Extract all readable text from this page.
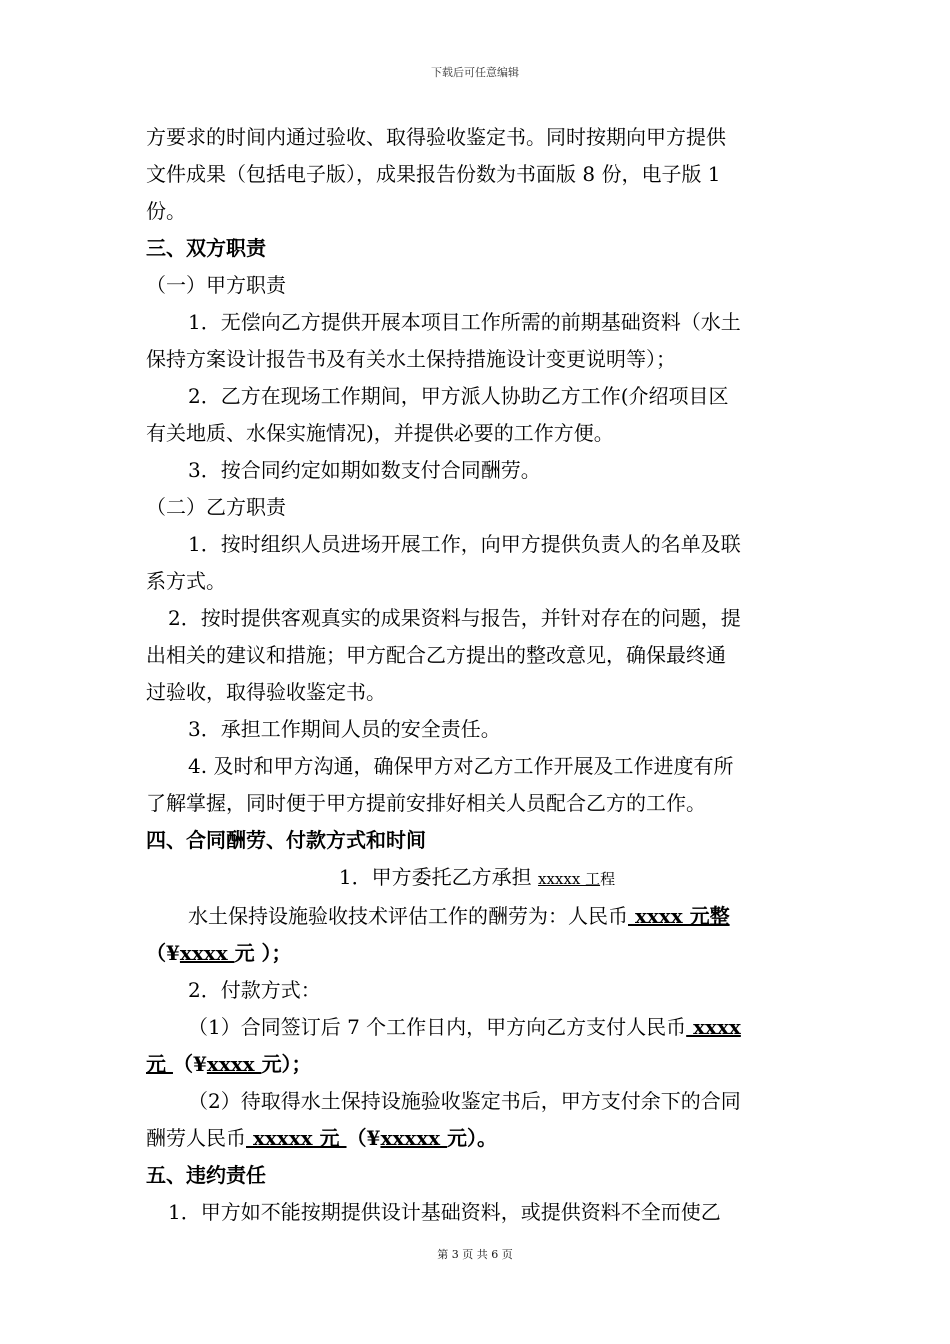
下载后可任意编辑

方要求的时间内通过验收、取得验收鉴定书。同时按期向甲方提供

文件成果（包括电子版），成果报告份数为书面版 8 份，电子版 1

份。

三、双方职责

（一）甲方职责

1．无偿向乙方提供开展本项目工作所需的前期基础资料（水土

保持方案设计报告书及有关水土保持措施设计变更说明等）；

2．乙方在现场工作期间，甲方派人协助乙方工作(介绍项目区

有关地质、水保实施情况)，并提供必要的工作方便。

3．按合同约定如期如数支付合同酬劳。

（二）乙方职责

1．按时组织人员进场开展工作，向甲方提供负责人的名单及联

系方式。

2．按时提供客观真实的成果资料与报告，并针对存在的问题，提

出相关的建议和措施；甲方配合乙方提出的整改意见，确保最终通

过验收，取得验收鉴定书。

3．承担工作期间人员的安全责任。

4. 及时和甲方沟通，确保甲方对乙方工作开展及工作进度有所

了解掌握，同时便于甲方提前安排好相关人员配合乙方的工作。

四、合同酬劳、付款方式和时间

1．甲方委托乙方承担 xxxxx 工程

水土保持设施验收技术评估工作的酬劳为：人民币 xxxx 元整

（¥xxxx 元 ）；

2．付款方式：

（1）合同签订后 7 个工作日内，甲方向乙方支付人民币 xxxx

元 （¥xxxx 元）；

（2）待取得水土保持设施验收鉴定书后，甲方支付余下的合同

酬劳人民币 xxxxx 元 （¥xxxxx 元）。

五、违约责任

1．甲方如不能按期提供设计基础资料，或提供资料不全而使乙

第 3 页 共 6 页
